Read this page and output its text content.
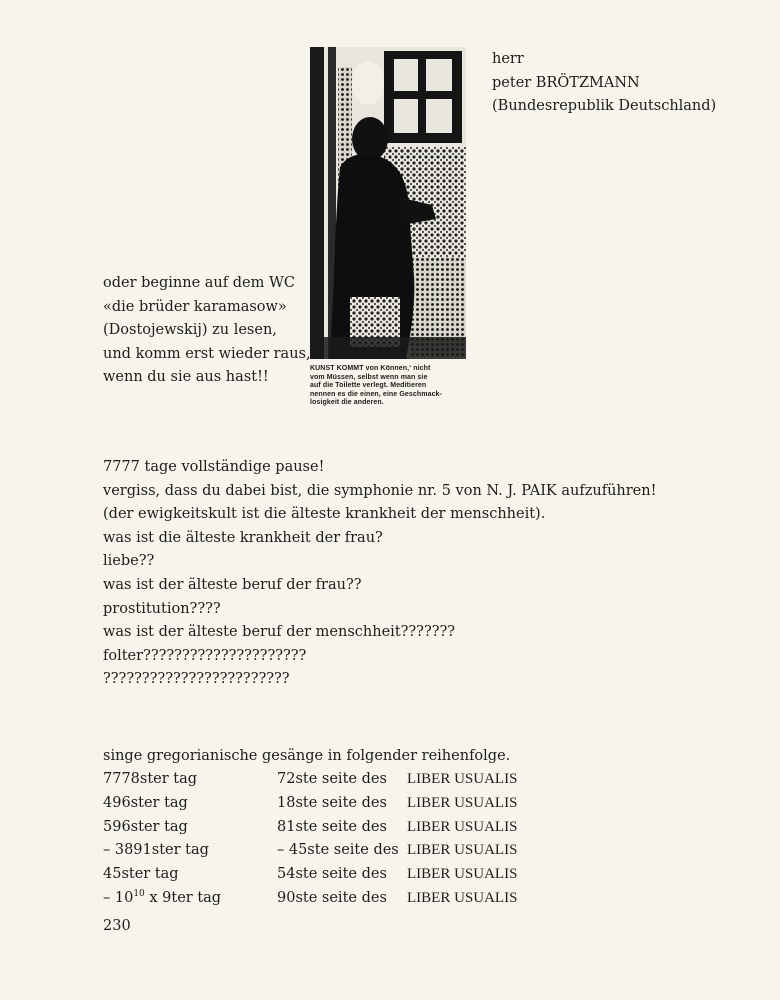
herr
peter BRÖTZMANN
(Bundesrepublik Deutschland)
KUNST KOMMT von Können,‘ nicht
vom Müssen, selbst wenn man sie
auf die Toilette verlegt. Meditieren
nennen es die einen, eine Geschmack-
losigkeit die anderen.
oder beginne auf dem WC
«die brüder karamasow»
(Dostojewskij) zu lesen,
und komm erst wieder raus,
wenn du sie aus hast!!
7777 tage vollständige pause!
vergiss, dass du dabei bist, die symphonie nr. 5 von N. J. PAIK aufzuführen!
(der ewigkeitskult ist die älteste krankheit der menschheit).
was ist die älteste krankheit der frau?
liebe??
was ist der älteste beruf der frau??
prostitution????
was ist der älteste beruf der menschheit???????
folter?????????????????????
????????????????????????
singe gregorianische gesänge in folgender reihenfolge.
7778ster tag	72ste seite des LIBER USUALIS
496ster tag	18ste seite des LIBER USUALIS
596ster tag	81ste seite des LIBER USUALIS
– 3891ster tag	– 45ste seite des LIBER USUALIS
45ster tag	54ste seite des LIBER USUALIS
– $10^{10}$ x 9ter tag	90ste seite des LIBER USUALIS
230
